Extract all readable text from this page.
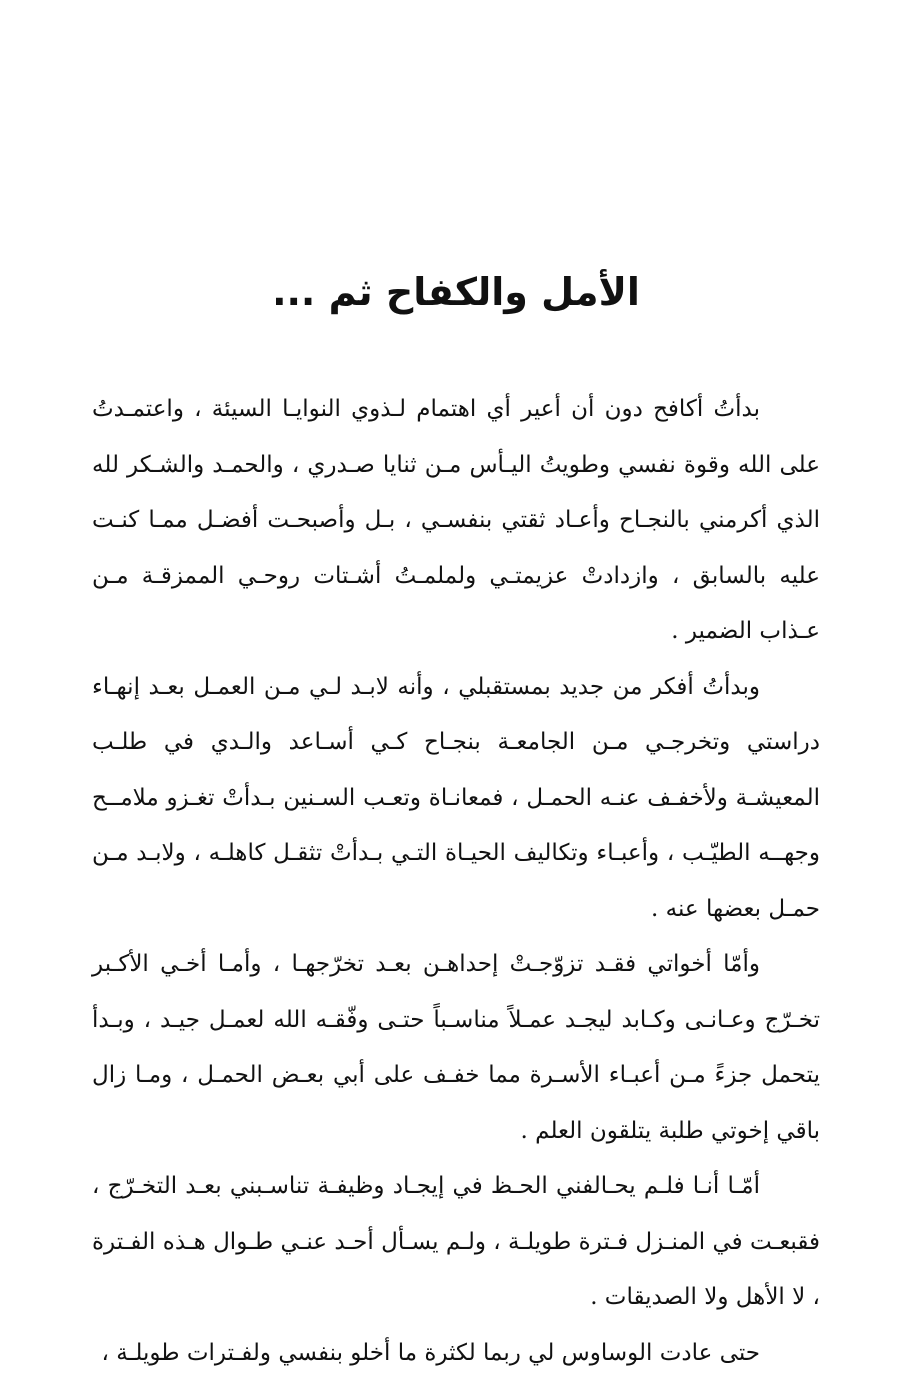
الأمل والكفاح ثم ...

بدأتُ أكافح دون أن أعير أي اهتمام لـذوي النوايـا السيئة ، واعتمـدتُ على الله وقوة نفسي وطويتُ اليـأس مـن ثنايا صـدري ، والحمـد والشـكر لله الذي أكرمني بالنجـاح وأعـاد ثقتي بنفسـي ، بـل وأصبحـت أفضـل ممـا كنـت عليه بالسابق ، وازدادتْ عزيمتـي ولملمـتُ أشـتات روحـي الممزقـة مـن عـذاب الضمير .

وبدأتُ أفكر من جديد بمستقبلي ، وأنه لابـد لـي مـن العمـل بعـد إنهـاء دراستي وتخرجـي مـن الجامعـة بنجـاح كـي أسـاعد والـدي في طلـب المعيشـة ولأخفـف عنـه الحمـل ، فمعانـاة وتعـب السـنين بـدأتْ تغـزو ملامــح وجهــه الطيّـب ، وأعبـاء وتكاليف الحيـاة التـي بـدأتْ تثقـل كاهلـه ، ولابـد مـن حمـل بعضها عنه .

وأمّا أخواتي فقـد تزوّجـتْ إحداهـن بعـد تخرّجهـا ، وأمـا أخـي الأكـبر تخـرّج وعـانـى وكـابد ليجـد عمـلاً مناسـباً حتـى وفّقـه الله لعمـل جيـد ، وبـدأ يتحمل جزءً مـن أعبـاء الأسـرة مما خفـف على أبي بعـض الحمـل ، ومـا زال باقي إخوتي طلبة يتلقون العلم .

أمّـا أنـا فلـم يحـالفني الحـظ في إيجـاد وظيفـة تناسـبني بعـد التخـرّج ، فقبعـت في المنـزل فـترة طويلـة ، ولـم يسـأل أحـد عنـي طـوال هـذه الفـترة ، لا الأهل ولا الصديقات .

حتى عادت الوساوس لي ربما لكثرة ما أخلو بنفسي ولفـترات طويلـة ،
